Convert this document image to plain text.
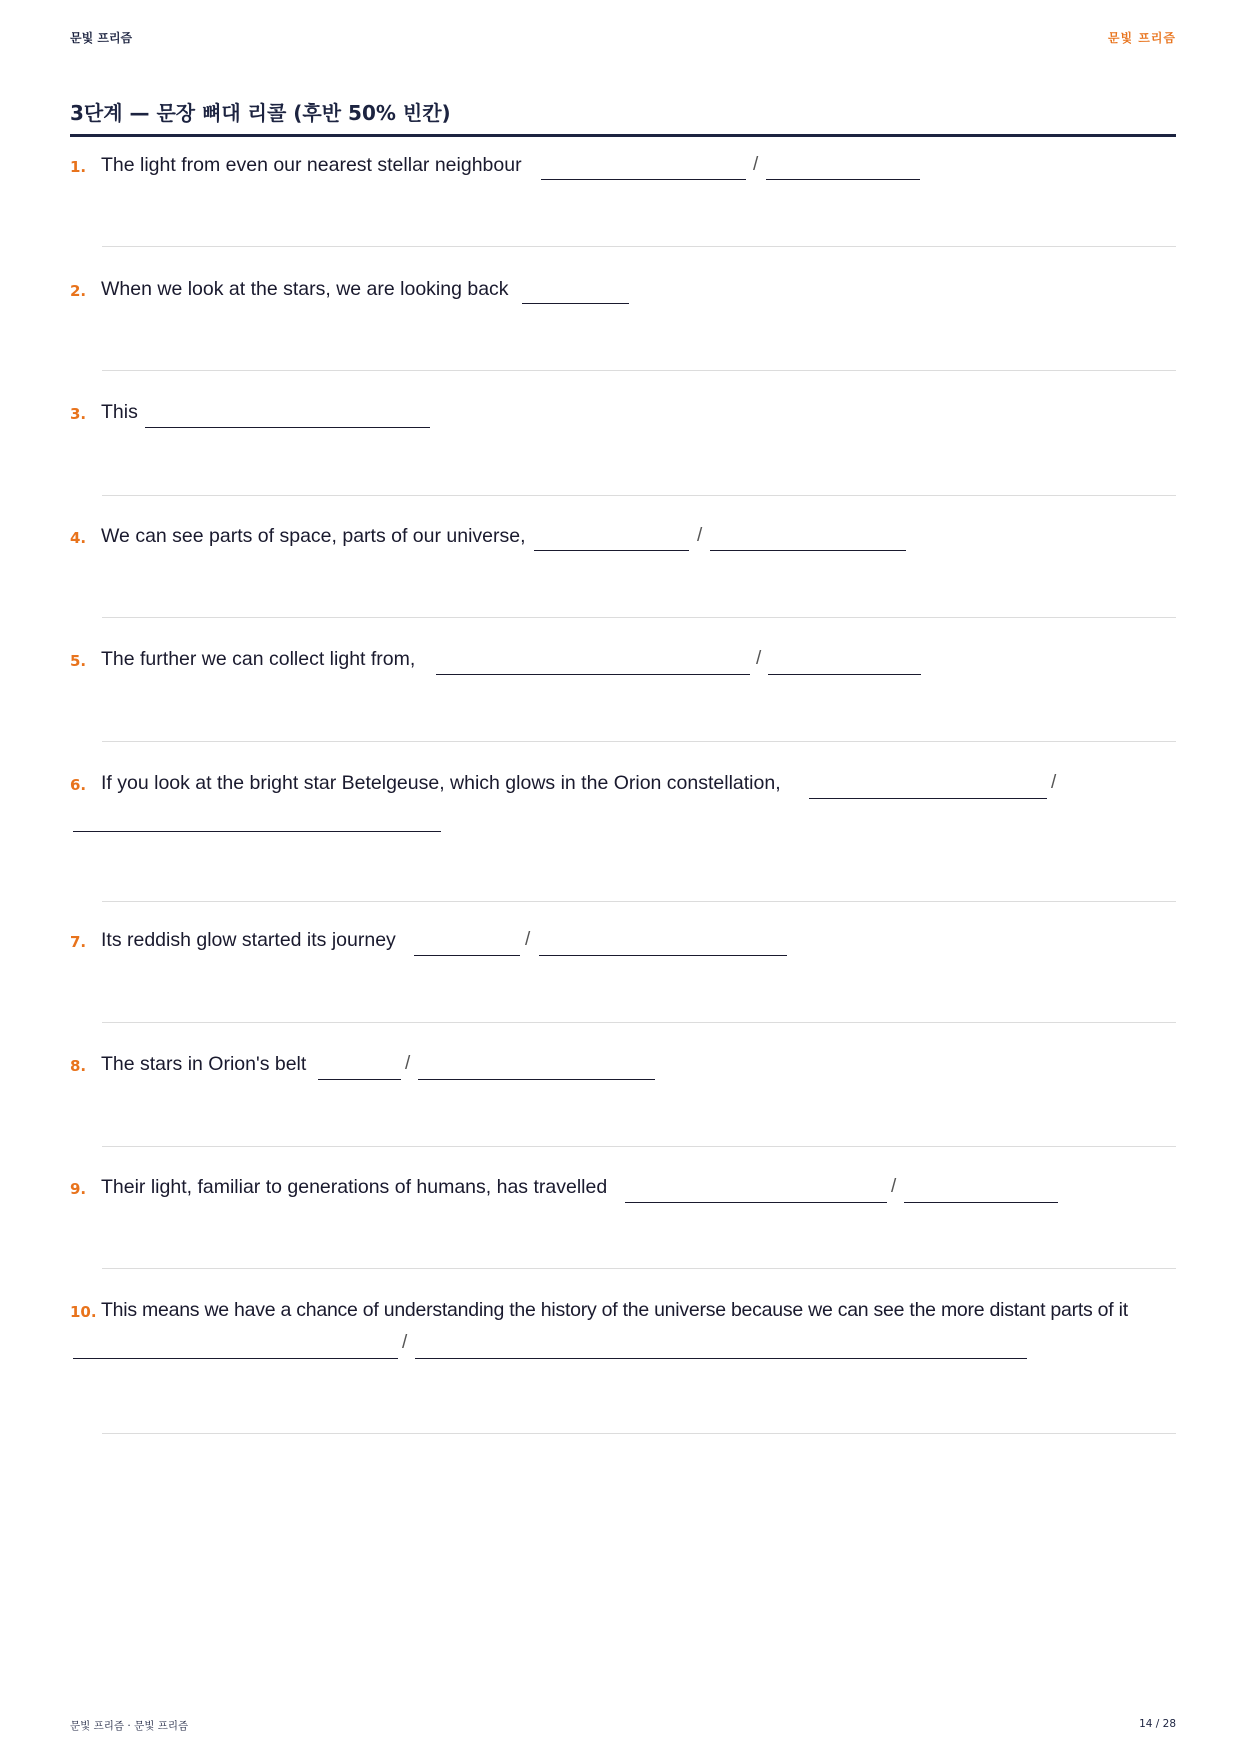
문빛 프리즘	문빛 프리즘
3단계 — 문장 뼈대 리콜 (후반 50% 빈칸)
1. The light from even our nearest stellar neighbour	/
2. When we look at the stars, we are looking back
3. This
4. We can see parts of space, parts of our universe,	/
5. The further we can collect light from,	/
6. If you look at the bright star Betelgeuse, which glows in the Orion constellation,	/
7. Its reddish glow started its journey	/
8. The stars in Orion's belt	/
9. Their light, familiar to generations of humans, has travelled	/
10. This means we have a chance of understanding the history of the universe because we can see the more distant parts of it
/
문빛 프리즘 · 문빛 프리즘	14 / 28
